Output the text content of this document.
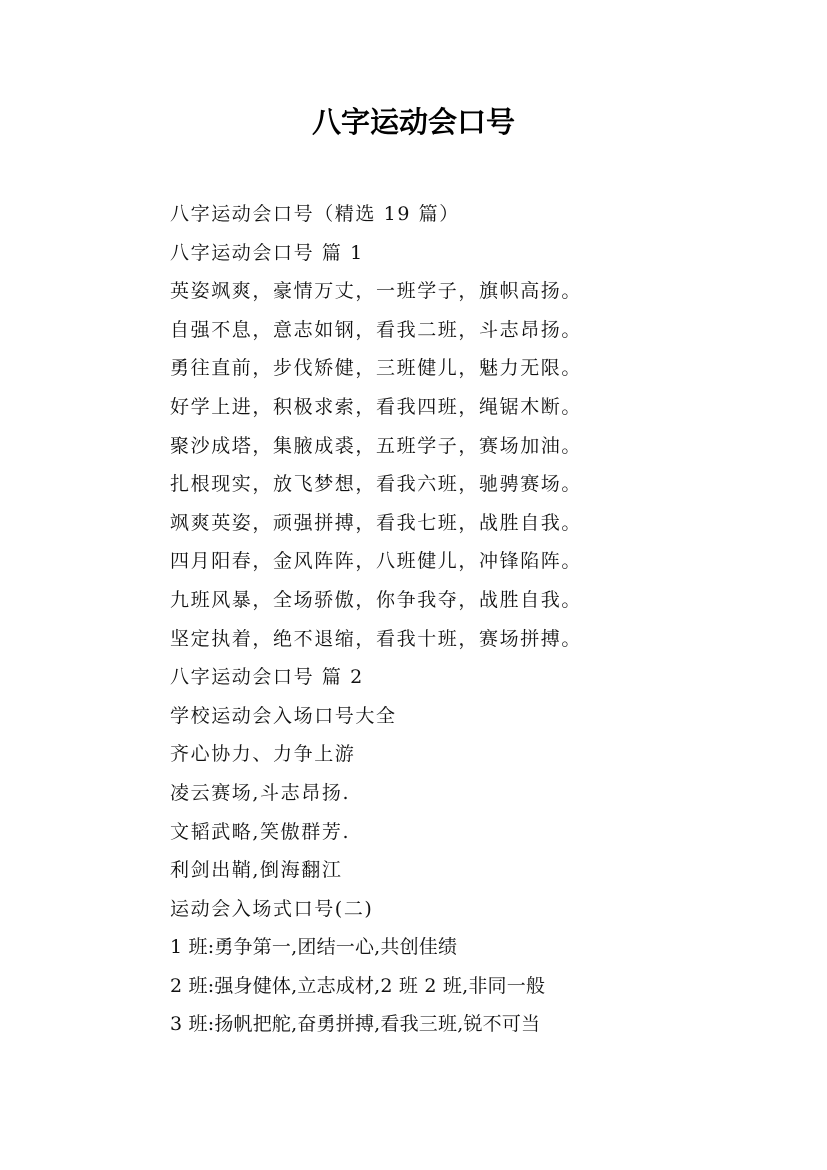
八字运动会口号
八字运动会口号（精选 19 篇）
八字运动会口号 篇 1
英姿飒爽，豪情万丈，一班学子，旗帜高扬。
自强不息，意志如钢，看我二班，斗志昂扬。
勇往直前，步伐矫健，三班健儿，魅力无限。
好学上进，积极求索，看我四班，绳锯木断。
聚沙成塔，集腋成裘，五班学子，赛场加油。
扎根现实，放飞梦想，看我六班，驰骋赛场。
飒爽英姿，顽强拼搏，看我七班，战胜自我。
四月阳春，金风阵阵，八班健儿，冲锋陷阵。
九班风暴，全场骄傲，你争我夺，战胜自我。
坚定执着，绝不退缩，看我十班，赛场拼搏。
八字运动会口号 篇 2
学校运动会入场口号大全
齐心协力、力争上游
凌云赛场,斗志昂扬.
文韬武略,笑傲群芳.
利剑出鞘,倒海翻江
运动会入场式口号(二)
1 班:勇争第一,团结一心,共创佳绩
2 班:强身健体,立志成材,2 班 2 班,非同一般
3 班:扬帆把舵,奋勇拼搏,看我三班,锐不可当
